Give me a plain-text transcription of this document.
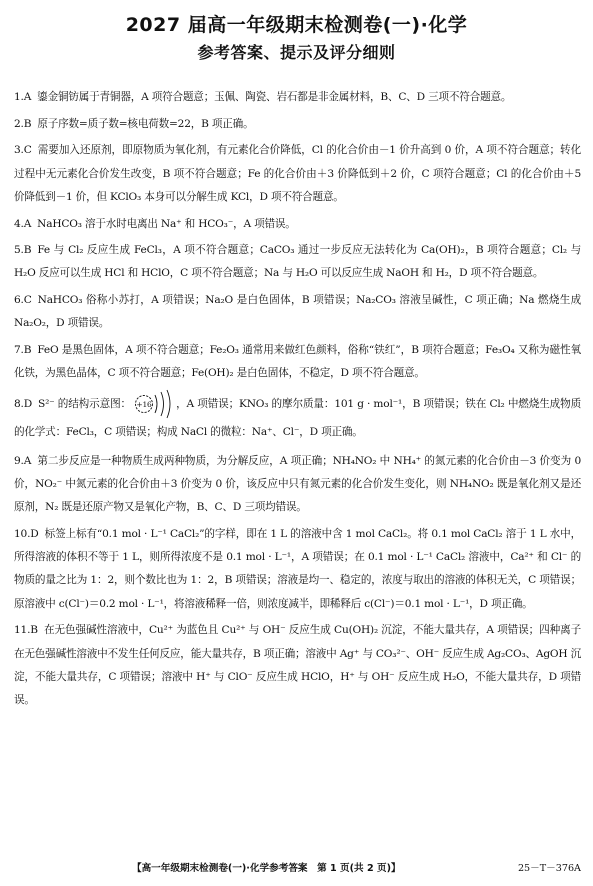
2027 届高一年级期末检测卷(一)·化学
参考答案、提示及评分细则

1.A 鎏金铜钫属于青铜器，A 项符合题意；玉佩、陶瓷、岩石都是非金属材料，B、C、D 三项不符合题意。

2.B 原子序数=质子数=核电荷数=22，B 项正确。

3.C 需要加入还原剂，即原物质为氧化剂，有元素化合价降低，Cl 的化合价由－1 价升高到 0 价，A 项不符合题意；转化过程中无元素化合价发生改变，B 项不符合题意；Fe 的化合价由＋3 价降低到＋2 价，C 项符合题意；Cl 的化合价由＋5 价降低到－1 价，但 KClO₃ 本身可以分解生成 KCl，D 项不符合题意。

4.A NaHCO₃ 溶于水时电离出 Na⁺ 和 HCO₃⁻，A 项错误。

5.B Fe 与 Cl₂ 反应生成 FeCl₃，A 项不符合题意；CaCO₃ 通过一步反应无法转化为 Ca(OH)₂，B 项符合题意；Cl₂ 与 H₂O 反应可以生成 HCl 和 HClO，C 项不符合题意；Na 与 H₂O 可以反应生成 NaOH 和 H₂，D 项不符合题意。

6.C NaHCO₃ 俗称小苏打，A 项错误；Na₂O 是白色固体，B 项错误；Na₂CO₃ 溶液呈碱性，C 项正确；Na 燃烧生成Na₂O₂，D 项错误。

7.B FeO 是黑色固体，A 项不符合题意；Fe₂O₃ 通常用来做红色颜料，俗称“铁红”，B 项符合题意；Fe₃O₄ 又称为磁性氧化铁，为黑色晶体，C 项不符合题意；Fe(OH)₂ 是白色固体，不稳定，D 项不符合题意。

8.D S²⁻ 的结构示意图： +16 ，A 项错误；KNO₃ 的摩尔质量：101 g · mol⁻¹，B 项错误；铁在 Cl₂ 中燃烧生成物质的化学式：FeCl₃，C 项错误；构成 NaCl 的微粒：Na⁺、Cl⁻，D 项正确。

9.A 第二步反应是一种物质生成两种物质，为分解反应，A 项正确；NH₄NO₂ 中 NH₄⁺ 的氮元素的化合价由－3 价变为 0 价，NO₂⁻ 中氮元素的化合价由＋3 价变为 0 价，该反应中只有氮元素的化合价发生变化，则 NH₄NO₂ 既是氧化剂又是还原剂，N₂ 既是还原产物又是氧化产物，B、C、D 三项均错误。

10.D 标签上标有“0.1 mol · L⁻¹ CaCl₂”的字样，即在 1 L 的溶液中含 1 mol CaCl₂。将 0.1 mol CaCl₂ 溶于 1 L 水中，所得溶液的体积不等于 1 L，则所得浓度不是 0.1 mol · L⁻¹，A 项错误；在 0.1 mol · L⁻¹ CaCl₂ 溶液中，Ca²⁺ 和 Cl⁻ 的物质的量之比为 1：2，则个数比也为 1：2，B 项错误；溶液是均一、稳定的，浓度与取出的溶液的体积无关，C 项错误；原溶液中 c(Cl⁻)＝0.2 mol · L⁻¹，将溶液稀释一倍，则浓度减半，即稀释后 c(Cl⁻)＝0.1 mol · L⁻¹，D 项正确。

11.B 在无色强碱性溶液中，Cu²⁺ 为蓝色且 Cu²⁺ 与 OH⁻ 反应生成 Cu(OH)₂ 沉淀，不能大量共存，A 项错误；四种离子在无色强碱性溶液中不发生任何反应，能大量共存，B 项正确；溶液中 Ag⁺ 与 CO₃²⁻、OH⁻ 反应生成 Ag₂CO₃、AgOH 沉淀，不能大量共存，C 项错误；溶液中 H⁺ 与 ClO⁻ 反应生成 HClO，H⁺ 与 OH⁻ 反应生成 H₂O，不能大量共存，D 项错误。

【高一年级期末检测卷(一)·化学参考答案　第 1 页(共 2 页)】	25－T－376A
